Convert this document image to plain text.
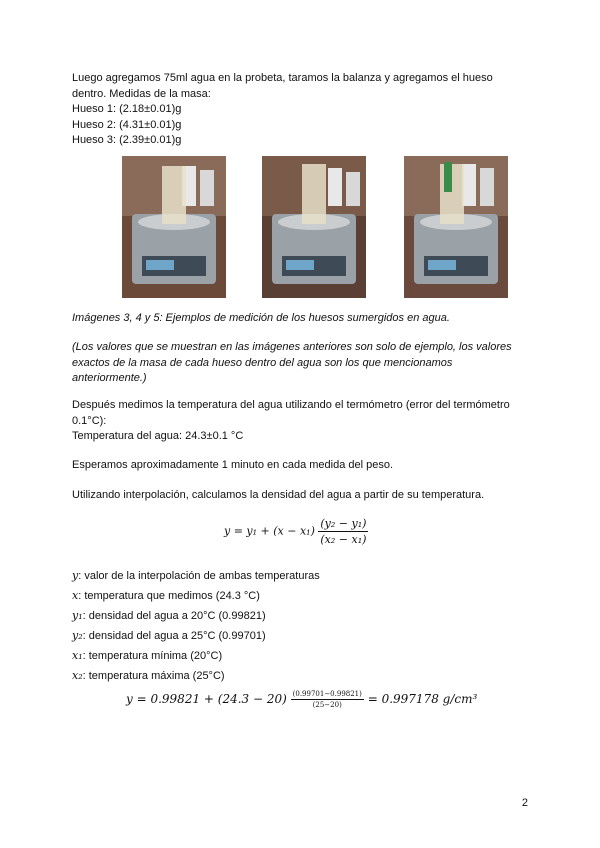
Luego agregamos 75ml agua en la probeta, taramos la balanza y agregamos el hueso
dentro. Medidas de la masa:
Hueso 1: (2.18±0.01)g
Hueso 2: (4.31±0.01)g
Hueso 3: (2.39±0.01)g
Imágenes 3, 4 y 5: Ejemplos de medición de los huesos sumergidos en agua.
(Los valores que se muestran en las imágenes anteriores son solo de ejemplo, los valores
exactos de la masa de cada hueso dentro del agua son los que mencionamos
anteriormente.)
Después medimos la temperatura del agua utilizando el termómetro (error del termómetro
0.1°C):
Temperatura del agua: 24.3±0.1 °C
Esperamos aproximadamente 1 minuto en cada medida del peso.
Utilizando interpolación, calculamos la densidad del agua a partir de su temperatura.
$y = y_1 + (x - x_1) \frac{\text{(y₂ − y₁)}}{\text{(x₂ − x₁)}}$
y: valor de la interpolación de ambas temperaturas
x: temperatura que medimos (24.3 °C)
y₁: densidad del agua a 20°C (0.99821)
y₂: densidad del agua a 25°C (0.99701)
x₁: temperatura mínima (20°C)
x₂: temperatura máxima (25°C)
$y = 0.99821 + (24.3 - 20) \frac{(0.99701-0.99821)}{(25-20)} = 0.997178$ g/cm³
2
